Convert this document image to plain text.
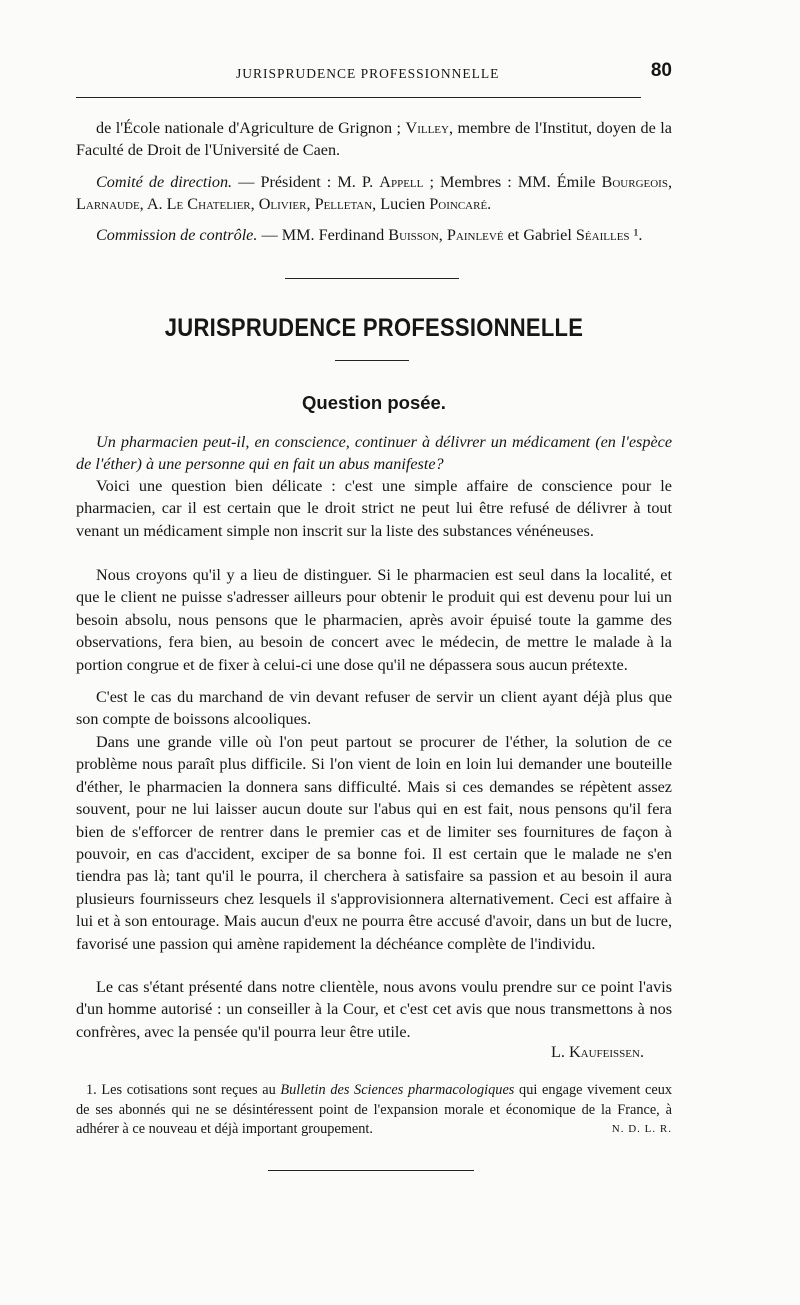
JURISPRUDENCE PROFESSIONNELLE	80

de l'École nationale d'Agriculture de Grignon ; Villey, membre de l'Institut, doyen de la Faculté de Droit de l'Université de Caen.

Comité de direction. — Président : M. P. Appell ; Membres : MM. Émile Bourgeois, Larnaude, A. Le Chatelier, Olivier, Pelletan, Lucien Poincaré.

Commission de contrôle. — MM. Ferdinand Buisson, Painlevé et Gabriel Séailles ¹.

JURISPRUDENCE PROFESSIONNELLE
Question posée.

Un pharmacien peut-il, en conscience, continuer à délivrer un médicament (en l'espèce de l'éther) à une personne qui en fait un abus manifeste?

Voici une question bien délicate : c'est une simple affaire de conscience pour le pharmacien, car il est certain que le droit strict ne peut lui être refusé de délivrer à tout venant un médicament simple non inscrit sur la liste des substances vénéneuses.

Nous croyons qu'il y a lieu de distinguer. Si le pharmacien est seul dans la localité, et que le client ne puisse s'adresser ailleurs pour obtenir le produit qui est devenu pour lui un besoin absolu, nous pensons que le pharmacien, après avoir épuisé toute la gamme des observations, fera bien, au besoin de concert avec le médecin, de mettre le malade à la portion congrue et de fixer à celui-ci une dose qu'il ne dépassera sous aucun prétexte.

C'est le cas du marchand de vin devant refuser de servir un client ayant déjà plus que son compte de boissons alcooliques.

Dans une grande ville où l'on peut partout se procurer de l'éther, la solution de ce problème nous paraît plus difficile. Si l'on vient de loin en loin lui demander une bouteille d'éther, le pharmacien la donnera sans difficulté. Mais si ces demandes se répètent assez souvent, pour ne lui laisser aucun doute sur l'abus qui en est fait, nous pensons qu'il fera bien de s'efforcer de rentrer dans le premier cas et de limiter ses fournitures de façon à pouvoir, en cas d'accident, exciper de sa bonne foi. Il est certain que le malade ne s'en tiendra pas là; tant qu'il le pourra, il cherchera à satisfaire sa passion et au besoin il aura plusieurs fournisseurs chez lesquels il s'approvisionnera alternativement. Ceci est affaire à lui et à son entourage. Mais aucun d'eux ne pourra être accusé d'avoir, dans un but de lucre, favorisé une passion qui amène rapidement la déchéance complète de l'individu.

Le cas s'étant présenté dans notre clientèle, nous avons voulu prendre sur ce point l'avis d'un homme autorisé : un conseiller à la Cour, et c'est cet avis que nous transmettons à nos confrères, avec la pensée qu'il pourra leur être utile.

L. Kaufeissen.

1. Les cotisations sont reçues au Bulletin des Sciences pharmacologiques qui engage vivement ceux de ses abonnés qui ne se désintéressent point de l'expansion morale et économique de la France, à adhérer à ce nouveau et déjà important groupement.	N. D. L. R.
